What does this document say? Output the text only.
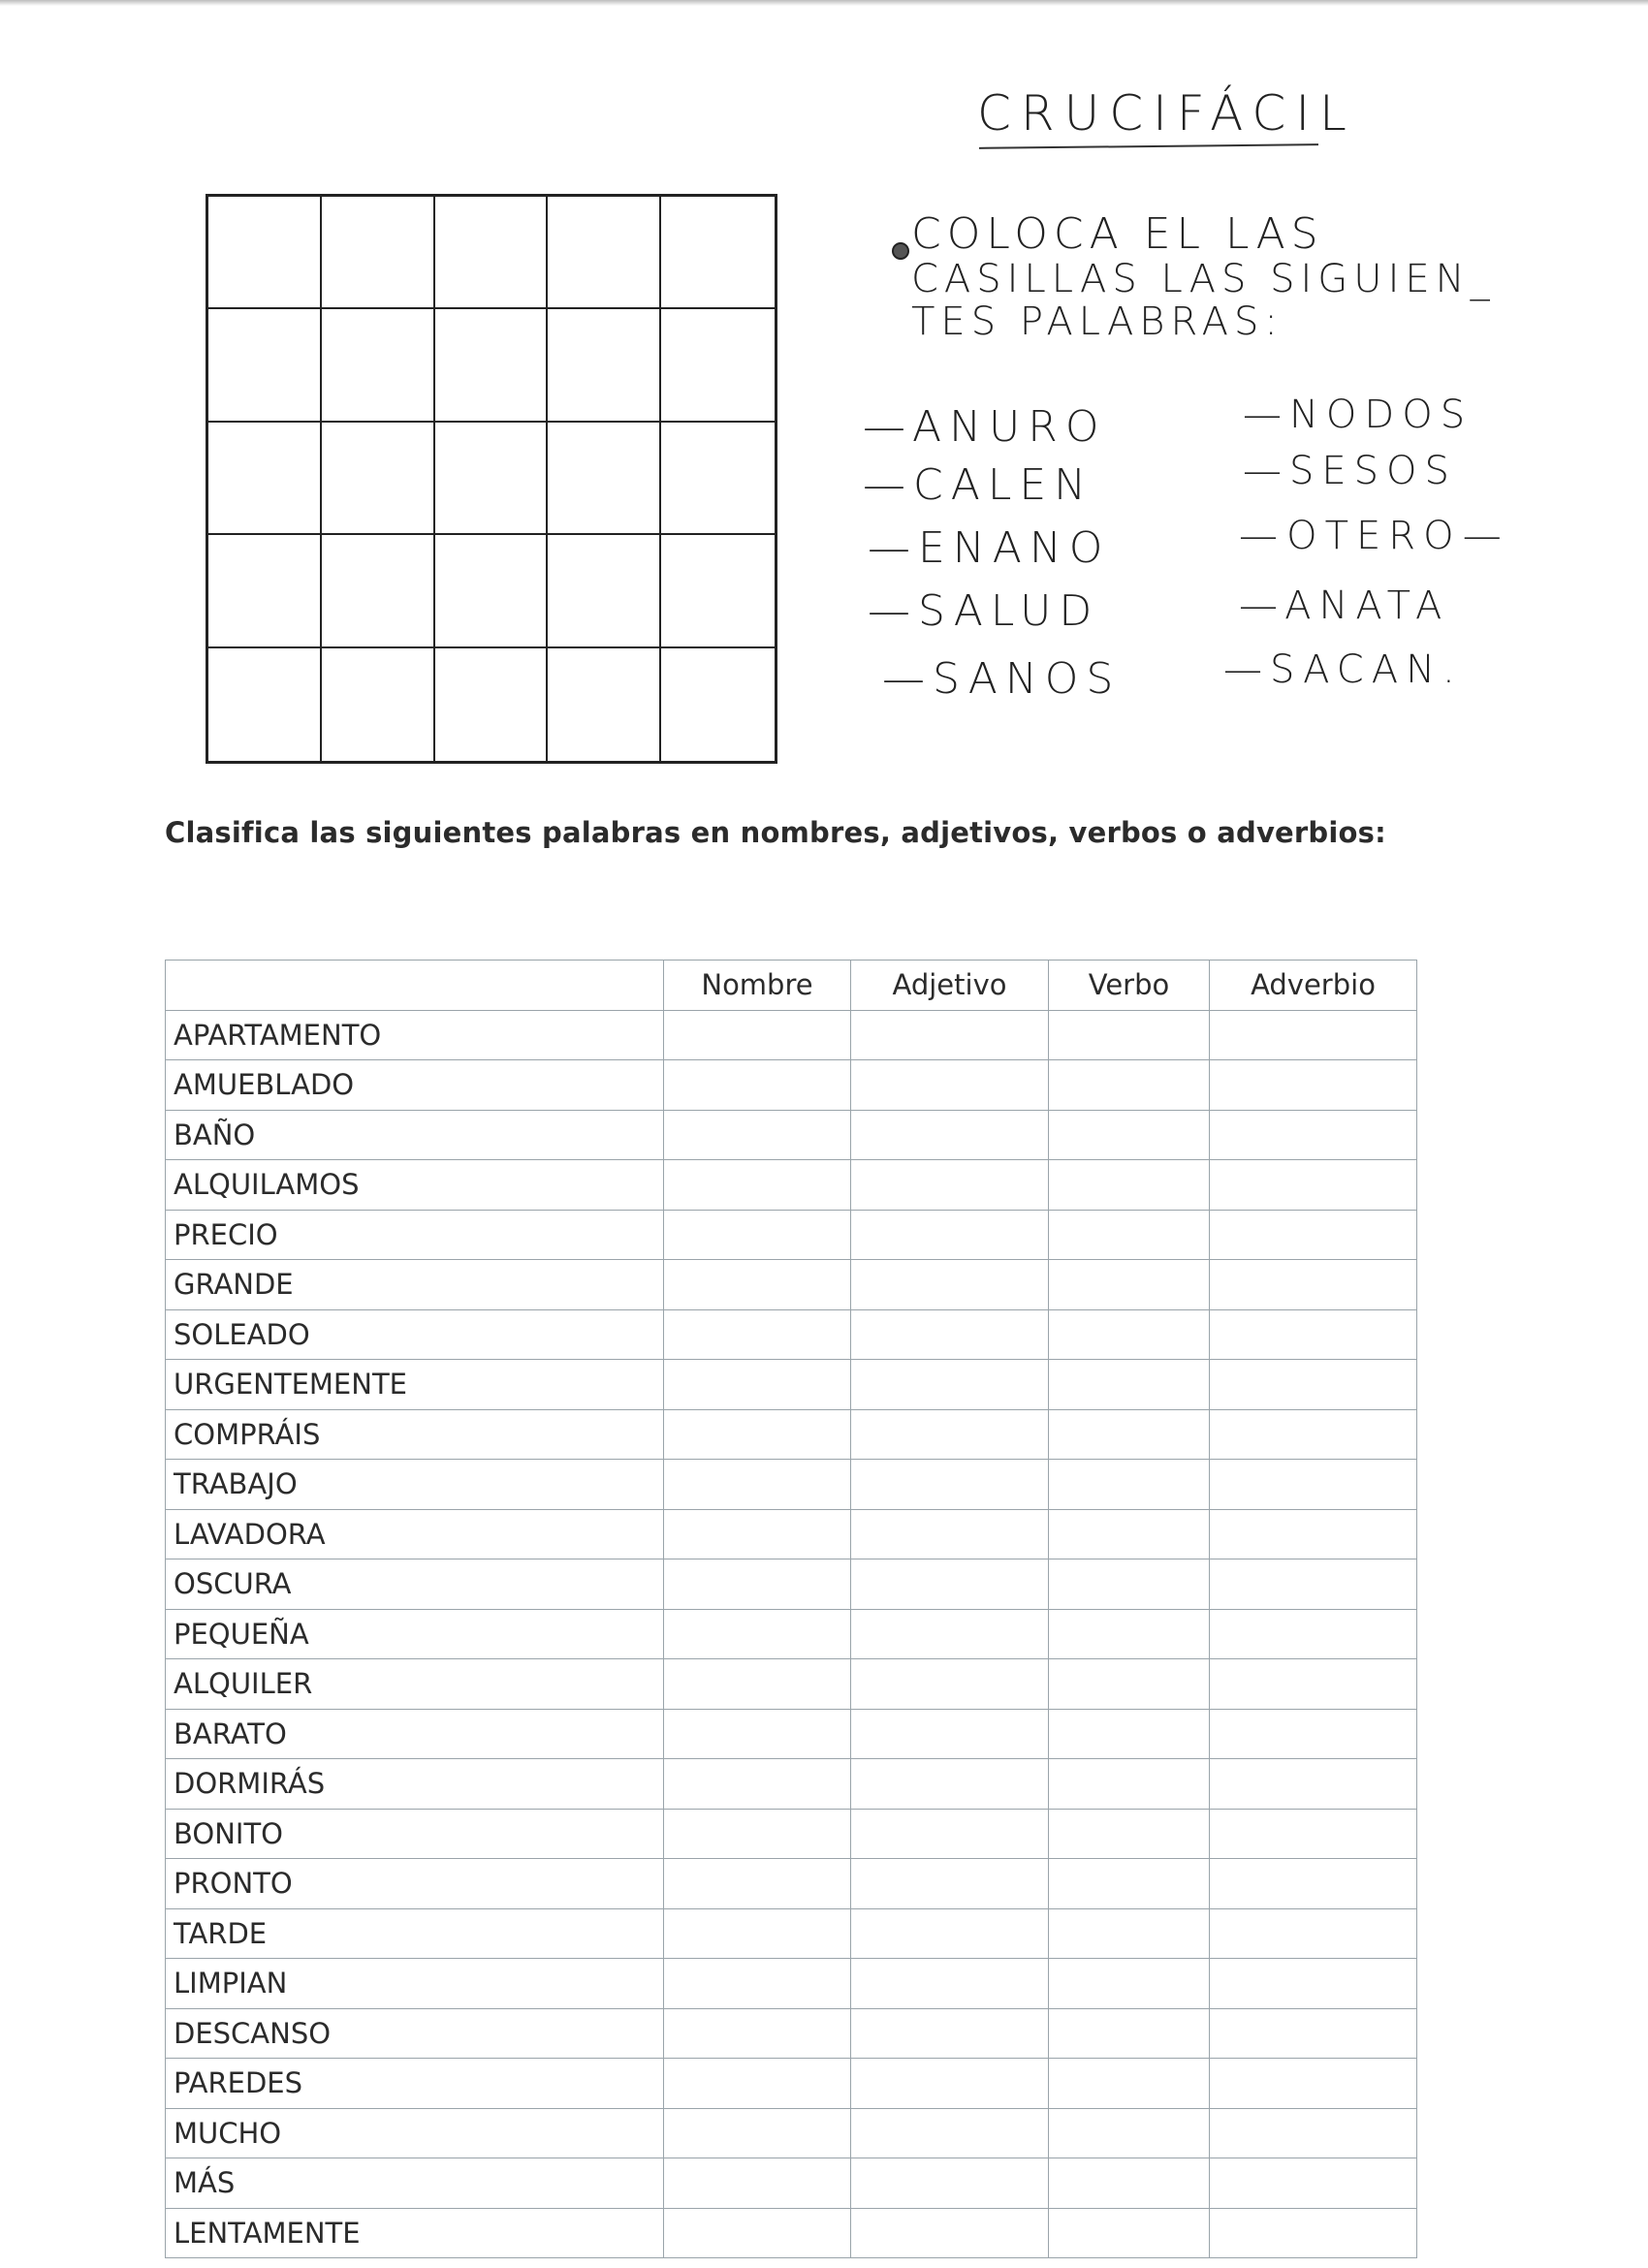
CRUCIFÁCIL
COLOCA EL LAS
CASILLAS LAS SIGUIEN_
TES PALABRAS:
—ANURO
—CALEN
—ENANO
—SALUD
—SANOS
—NODOS
—SESOS
—OTERO—
—ANATA
—SACAN.
Clasifica las siguientes palabras en nombres, adjetivos, verbos o adverbios:
	Nombre	Adjetivo	Verbo	Adverbio
APARTAMENTO				
AMUEBLADO				
BAÑO				
ALQUILAMOS				
PRECIO				
GRANDE				
SOLEADO				
URGENTEMENTE				
COMPRÁIS				
TRABAJO				
LAVADORA				
OSCURA				
PEQUEÑA				
ALQUILER				
BARATO				
DORMIRÁS				
BONITO				
PRONTO				
TARDE				
LIMPIAN				
DESCANSO				
PAREDES				
MUCHO				
MÁS				
LENTAMENTE				
